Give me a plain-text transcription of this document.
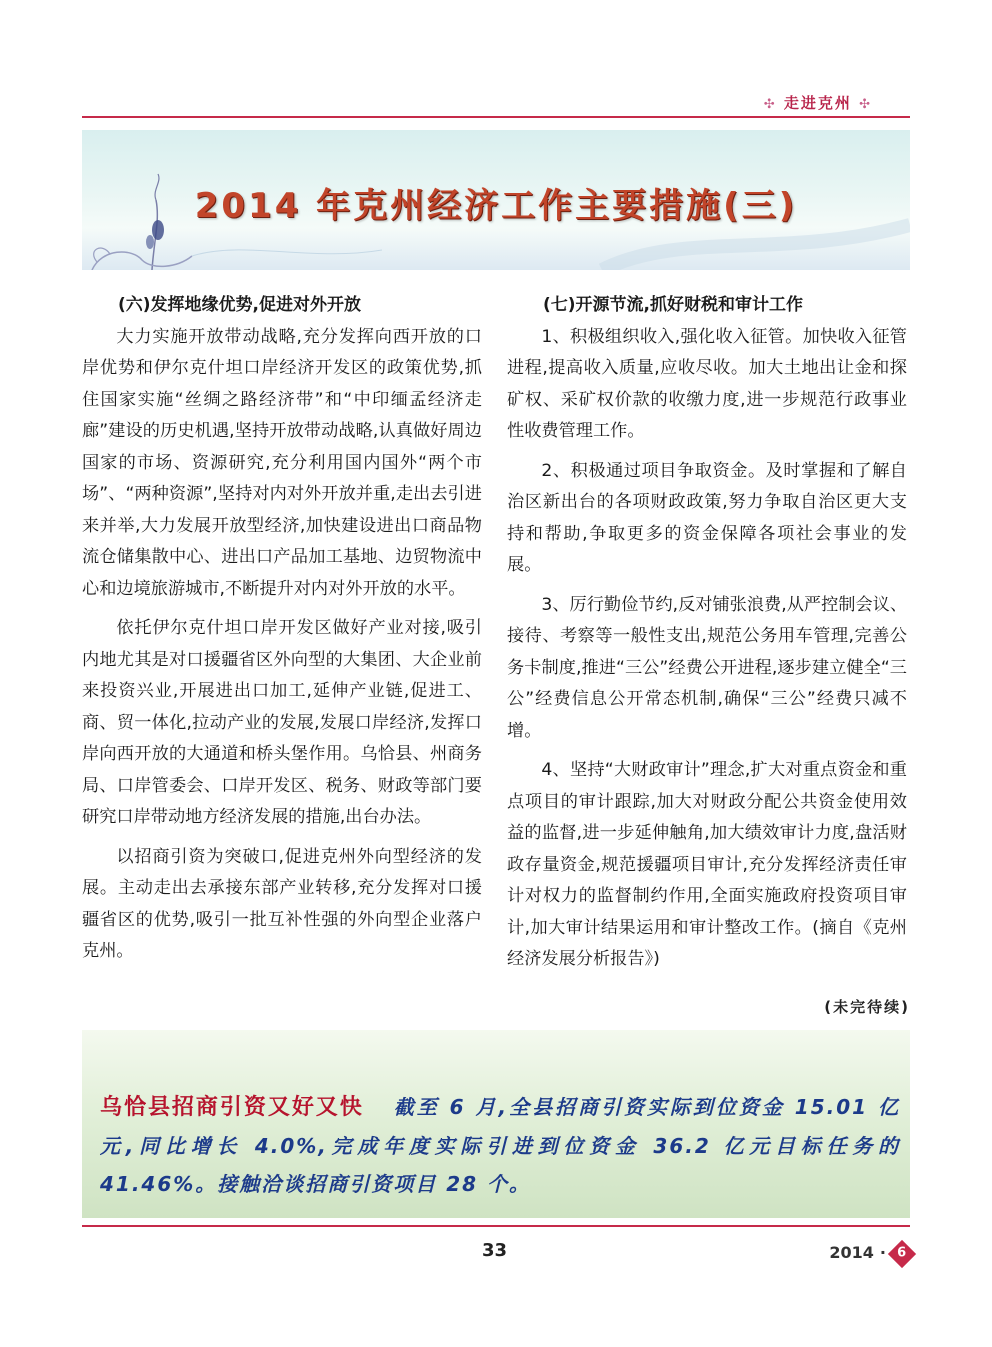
✣ 走进克州 ✣
2014 年克州经济工作主要措施(三)
(六)发挥地缘优势,促进对外开放

大力实施开放带动战略,充分发挥向西开放的口岸优势和伊尔克什坦口岸经济开发区的政策优势,抓住国家实施“丝绸之路经济带”和“中印缅孟经济走廊”建设的历史机遇,坚持开放带动战略,认真做好周边国家的市场、资源研究,充分利用国内国外“两个市场”、“两种资源”,坚持对内对外开放并重,走出去引进来并举,大力发展开放型经济,加快建设进出口商品物流仓储集散中心、进出口产品加工基地、边贸物流中心和边境旅游城市,不断提升对内对外开放的水平。

依托伊尔克什坦口岸开发区做好产业对接,吸引内地尤其是对口援疆省区外向型的大集团、大企业前来投资兴业,开展进出口加工,延伸产业链,促进工、商、贸一体化,拉动产业的发展,发展口岸经济,发挥口岸向西开放的大通道和桥头堡作用。乌恰县、州商务局、口岸管委会、口岸开发区、税务、财政等部门要研究口岸带动地方经济发展的措施,出台办法。

以招商引资为突破口,促进克州外向型经济的发展。主动走出去承接东部产业转移,充分发挥对口援疆省区的优势,吸引一批互补性强的外向型企业落户克州。

(七)开源节流,抓好财税和审计工作

1、积极组织收入,强化收入征管。加快收入征管进程,提高收入质量,应收尽收。加大土地出让金和探矿权、采矿权价款的收缴力度,进一步规范行政事业性收费管理工作。

2、积极通过项目争取资金。及时掌握和了解自治区新出台的各项财政政策,努力争取自治区更大支持和帮助,争取更多的资金保障各项社会事业的发展。

3、厉行勤俭节约,反对铺张浪费,从严控制会议、接待、考察等一般性支出,规范公务用车管理,完善公务卡制度,推进“三公”经费公开进程,逐步建立健全“三公”经费信息公开常态机制,确保“三公”经费只减不增。

4、坚持“大财政审计”理念,扩大对重点资金和重点项目的审计跟踪,加大对财政分配公共资金使用效益的监督,进一步延伸触角,加大绩效审计力度,盘活财政存量资金,规范援疆项目审计,充分发挥经济责任审计对权力的监督制约作用,全面实施政府投资项目审计,加大审计结果运用和审计整改工作。(摘自《克州经济发展分析报告》)

(未完待续)
乌恰县招商引资又好又快 截至 6 月,全县招商引资实际到位资金 15.01 亿元,同比增长 4.0%,完成年度实际引进到位资金 36.2 亿元目标任务的 41.46%。接触洽谈招商引资项目 28 个。
33	2014 · 6
